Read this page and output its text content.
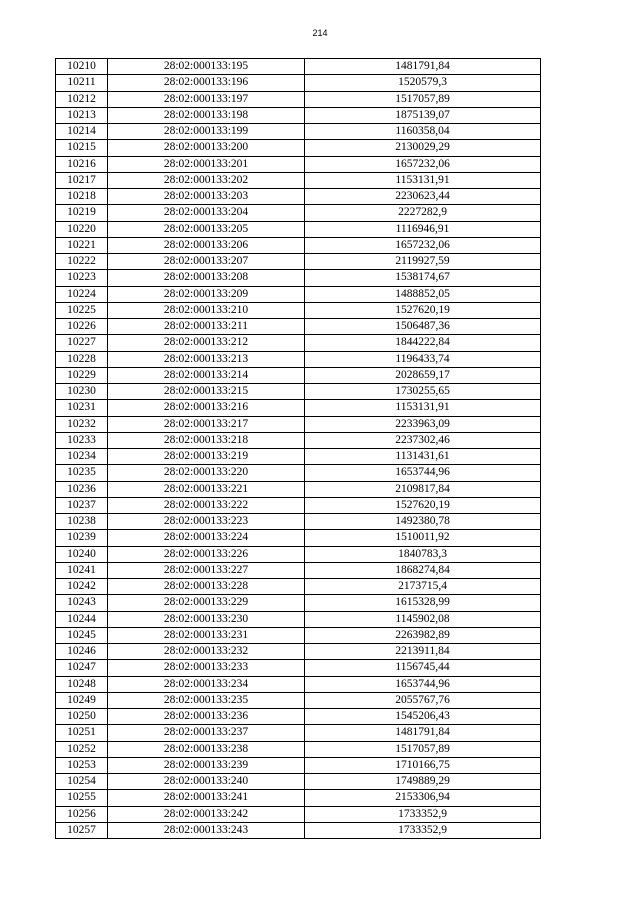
214
10210	28:02:000133:195	1481791,84
10211	28:02:000133:196	1520579,3
10212	28:02:000133:197	1517057,89
10213	28:02:000133:198	1875139,07
10214	28:02:000133:199	1160358,04
10215	28:02:000133:200	2130029,29
10216	28:02:000133:201	1657232,06
10217	28:02:000133:202	1153131,91
10218	28:02:000133:203	2230623,44
10219	28:02:000133:204	2227282,9
10220	28:02:000133:205	1116946,91
10221	28:02:000133:206	1657232,06
10222	28:02:000133:207	2119927,59
10223	28:02:000133:208	1538174,67
10224	28:02:000133:209	1488852,05
10225	28:02:000133:210	1527620,19
10226	28:02:000133:211	1506487,36
10227	28:02:000133:212	1844222,84
10228	28:02:000133:213	1196433,74
10229	28:02:000133:214	2028659,17
10230	28:02:000133:215	1730255,65
10231	28:02:000133:216	1153131,91
10232	28:02:000133:217	2233963,09
10233	28:02:000133:218	2237302,46
10234	28:02:000133:219	1131431,61
10235	28:02:000133:220	1653744,96
10236	28:02:000133:221	2109817,84
10237	28:02:000133:222	1527620,19
10238	28:02:000133:223	1492380,78
10239	28:02:000133:224	1510011,92
10240	28:02:000133:226	1840783,3
10241	28:02:000133:227	1868274,84
10242	28:02:000133:228	2173715,4
10243	28:02:000133:229	1615328,99
10244	28:02:000133:230	1145902,08
10245	28:02:000133:231	2263982,89
10246	28:02:000133:232	2213911,84
10247	28:02:000133:233	1156745,44
10248	28:02:000133:234	1653744,96
10249	28:02:000133:235	2055767,76
10250	28:02:000133:236	1545206,43
10251	28:02:000133:237	1481791,84
10252	28:02:000133:238	1517057,89
10253	28:02:000133:239	1710166,75
10254	28:02:000133:240	1749889,29
10255	28:02:000133:241	2153306,94
10256	28:02:000133:242	1733352,9
10257	28:02:000133:243	1733352,9
